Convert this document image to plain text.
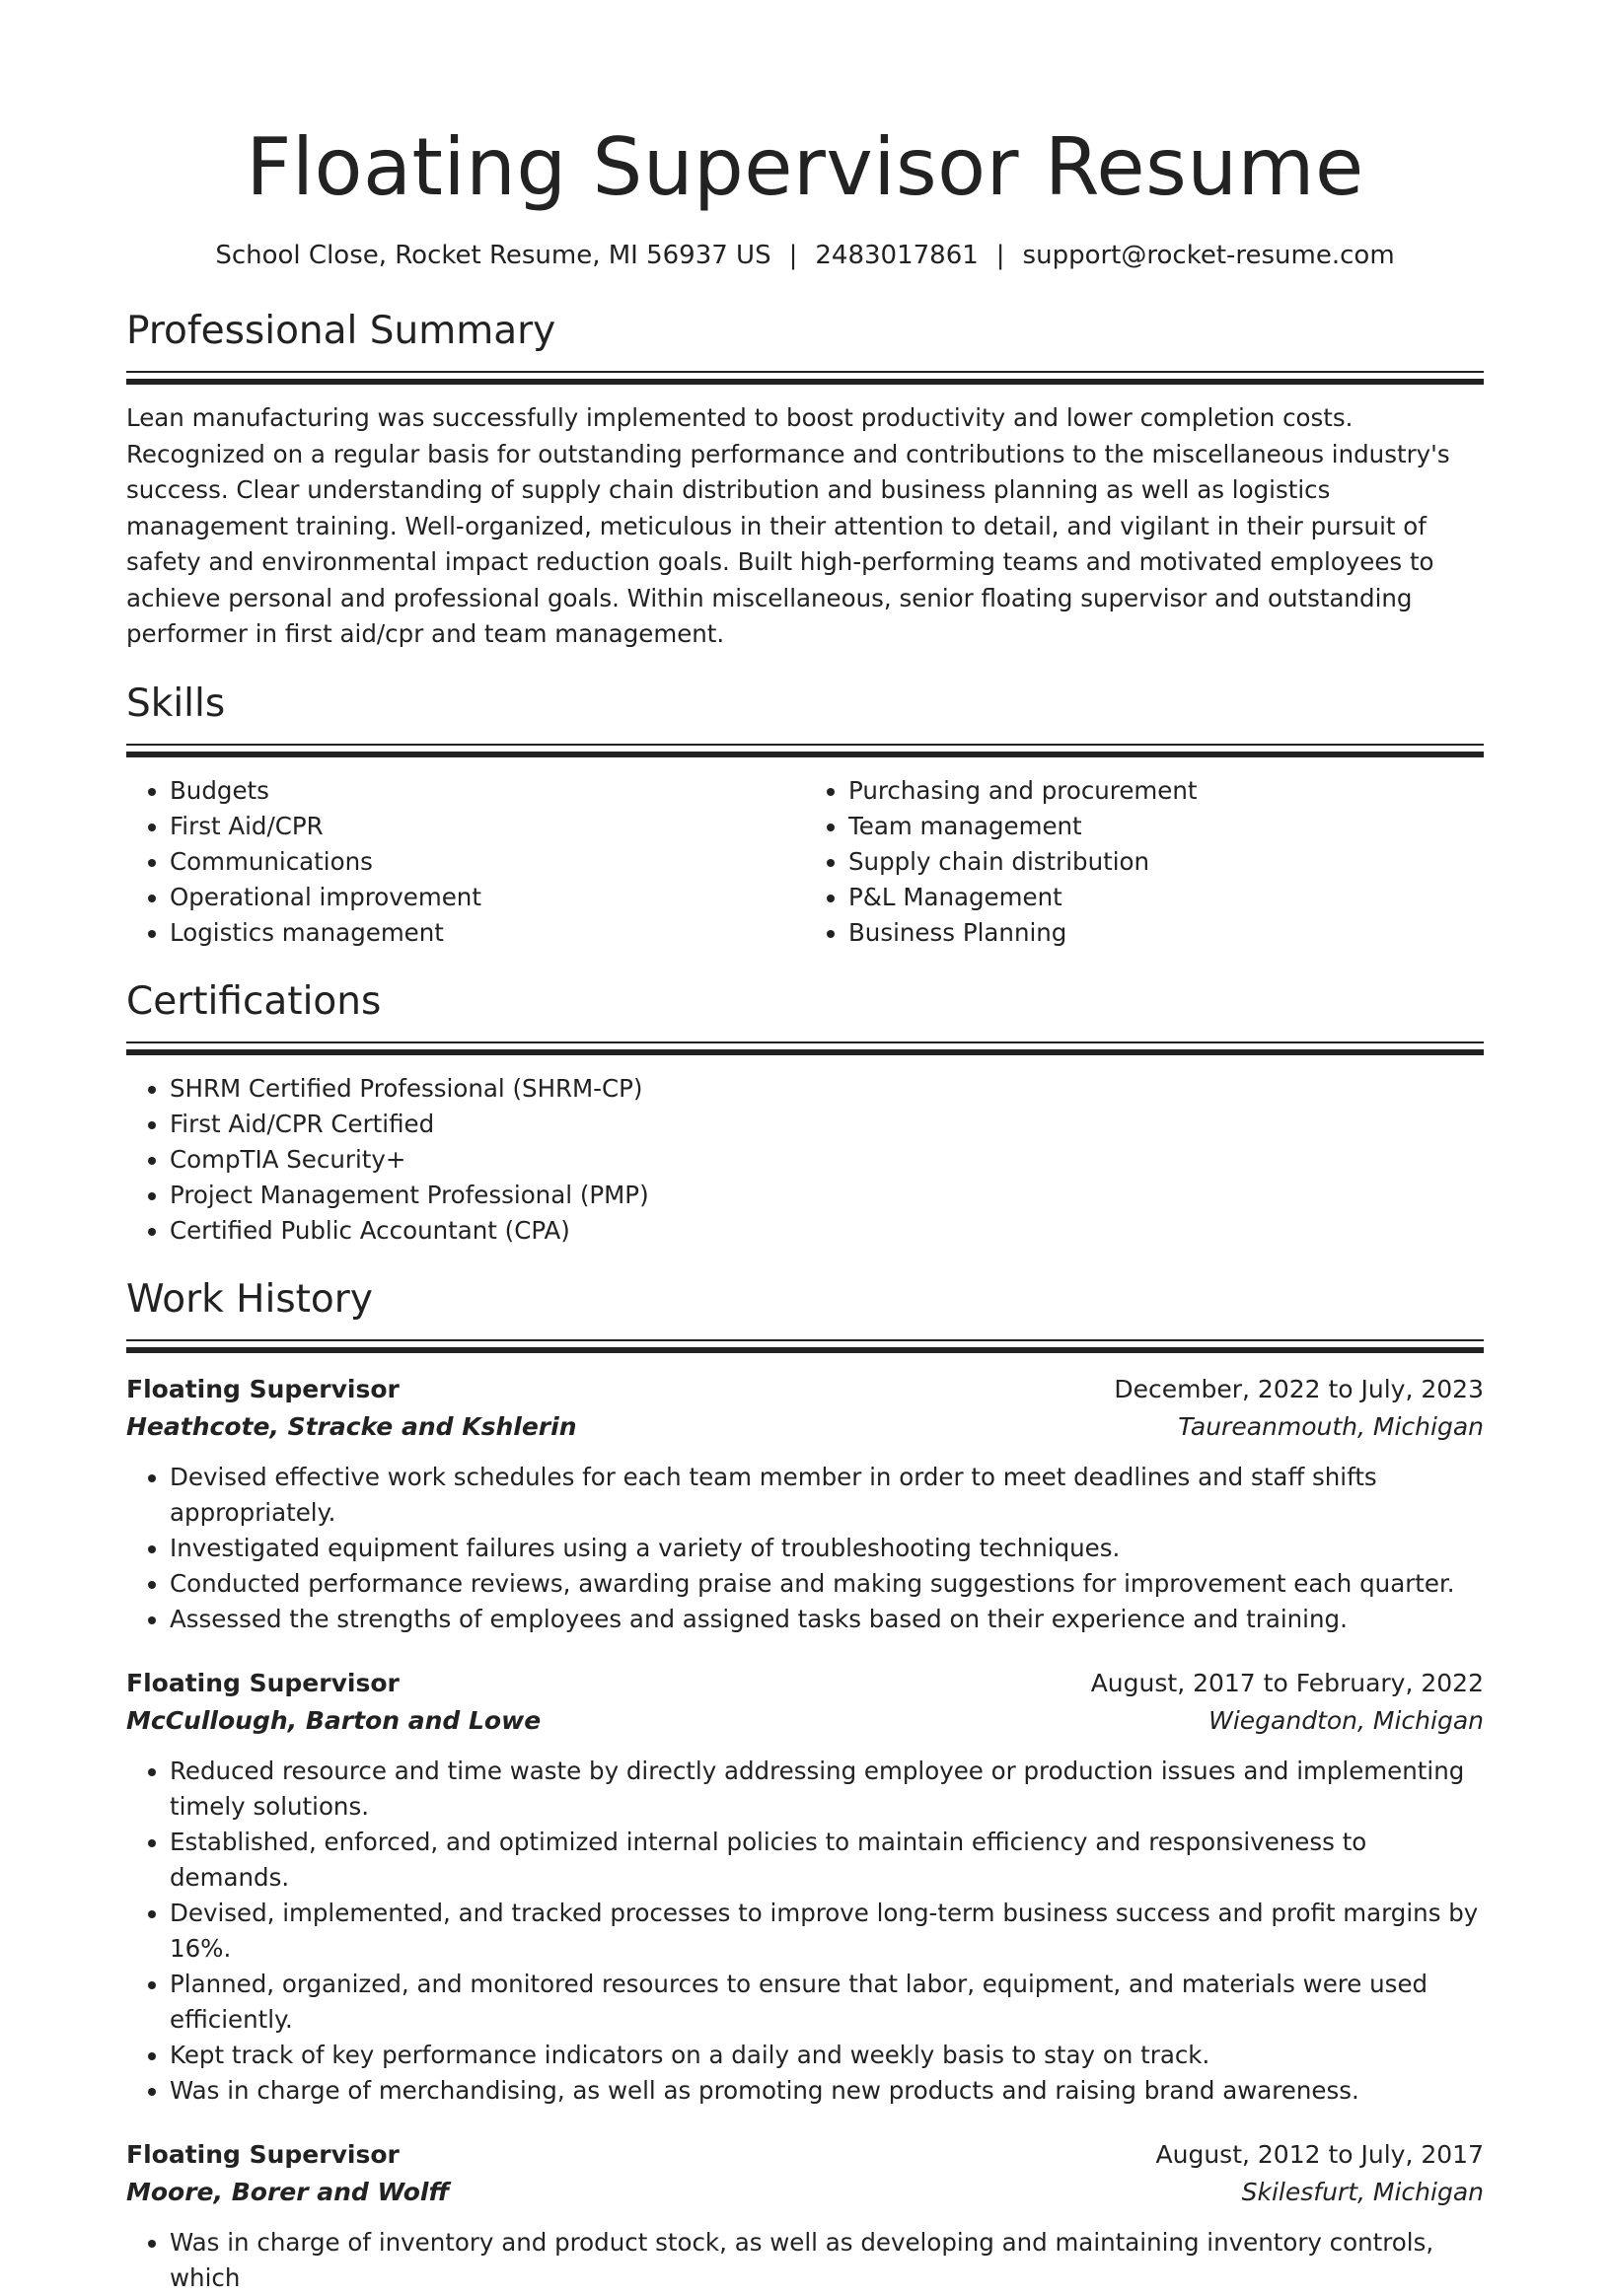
Floating Supervisor Resume
School Close, Rocket Resume, MI 56937 US | 2483017861 | support@rocket-resume.com
Professional Summary

Lean manufacturing was successfully implemented to boost productivity and lower completion costs. Recognized on a regular basis for outstanding performance and contributions to the miscellaneous industry's success. Clear understanding of supply chain distribution and business planning as well as logistics management training. Well-organized, meticulous in their attention to detail, and vigilant in their pursuit of safety and environmental impact reduction goals. Built high-performing teams and motivated employees to achieve personal and professional goals. Within miscellaneous, senior floating supervisor and outstanding performer in first aid/cpr and team management.

Skills
• Budgets
• First Aid/CPR
• Communications
• Operational improvement
• Logistics management
• Purchasing and procurement
• Team management
• Supply chain distribution
• P&L Management
• Business Planning
Certifications
• SHRM Certified Professional (SHRM-CP)
• First Aid/CPR Certified
• CompTIA Security+
• Project Management Professional (PMP)
• Certified Public Accountant (CPA)
Work History
Floating Supervisor	December, 2022 to July, 2023
Heathcote, Stracke and Kshlerin	Taureanmouth, Michigan
• Devised effective work schedules for each team member in order to meet deadlines and staff shifts appropriately.
• Investigated equipment failures using a variety of troubleshooting techniques.
• Conducted performance reviews, awarding praise and making suggestions for improvement each quarter.
• Assessed the strengths of employees and assigned tasks based on their experience and training.
Floating Supervisor	August, 2017 to February, 2022
McCullough, Barton and Lowe	Wiegandton, Michigan
• Reduced resource and time waste by directly addressing employee or production issues and implementing timely solutions.
• Established, enforced, and optimized internal policies to maintain efficiency and responsiveness to demands.
• Devised, implemented, and tracked processes to improve long-term business success and profit margins by 16%.
• Planned, organized, and monitored resources to ensure that labor, equipment, and materials were used efficiently.
• Kept track of key performance indicators on a daily and weekly basis to stay on track.
• Was in charge of merchandising, as well as promoting new products and raising brand awareness.
Floating Supervisor	August, 2012 to July, 2017
Moore, Borer and Wolff	Skilesfurt, Michigan
• Was in charge of inventory and product stock, as well as developing and maintaining inventory controls, which
